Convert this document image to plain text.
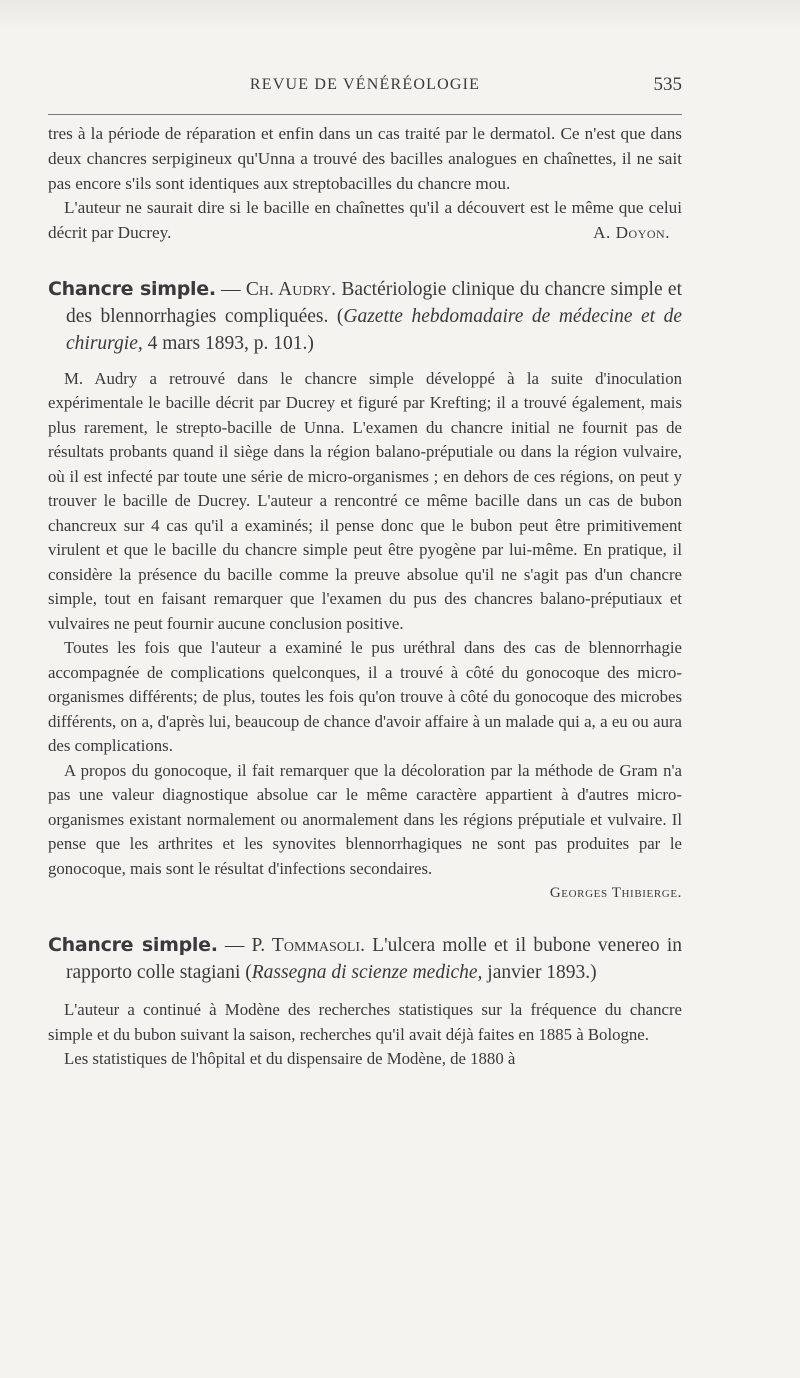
REVUE DE VÉNÉRÉOLOGIE	535

tres à la période de réparation et enfin dans un cas traité par le dermatol. Ce n'est que dans deux chancres serpigineux qu'Unna a trouvé des bacilles analogues en chaînettes, il ne sait pas encore s'ils sont identiques aux streptobacilles du chancre mou.

L'auteur ne saurait dire si le bacille en chaînettes qu'il a découvert est le même que celui décrit par Ducrey.	A. Doyon.

Chancre simple. — Ch. Audry. Bactériologie clinique du chancre simple et des blennorrhagies compliquées. (Gazette hebdomadaire de médecine et de chirurgie, 4 mars 1893, p. 101.)

M. Audry a retrouvé dans le chancre simple développé à la suite d'inoculation expérimentale le bacille décrit par Ducrey et figuré par Krefting; il a trouvé également, mais plus rarement, le strepto-bacille de Unna. L'examen du chancre initial ne fournit pas de résultats probants quand il siège dans la région balano-préputiale ou dans la région vulvaire, où il est infecté par toute une série de micro-organismes ; en dehors de ces régions, on peut y trouver le bacille de Ducrey. L'auteur a rencontré ce même bacille dans un cas de bubon chancreux sur 4 cas qu'il a examinés; il pense donc que le bubon peut être primitivement virulent et que le bacille du chancre simple peut être pyogène par lui-même. En pratique, il considère la présence du bacille comme la preuve absolue qu'il ne s'agit pas d'un chancre simple, tout en faisant remarquer que l'examen du pus des chancres balano-préputiaux et vulvaires ne peut fournir aucune conclusion positive.

Toutes les fois que l'auteur a examiné le pus uréthral dans des cas de blennorrhagie accompagnée de complications quelconques, il a trouvé à côté du gonocoque des micro-organismes différents; de plus, toutes les fois qu'on trouve à côté du gonocoque des microbes différents, on a, d'après lui, beaucoup de chance d'avoir affaire à un malade qui a, a eu ou aura des complications.

A propos du gonocoque, il fait remarquer que la décoloration par la méthode de Gram n'a pas une valeur diagnostique absolue car le même caractère appartient à d'autres micro-organismes existant normalement ou anormalement dans les régions préputiale et vulvaire. Il pense que les arthrites et les synovites blennorrhagiques ne sont pas produites par le gonocoque, mais sont le résultat d'infections secondaires.

Georges Thibierge.

Chancre simple. — P. Tommasoli. L'ulcera molle et il bubone venereo in rapporto colle stagiani (Rassegna di scienze mediche, janvier 1893.)

L'auteur a continué à Modène des recherches statistiques sur la fréquence du chancre simple et du bubon suivant la saison, recherches qu'il avait déjà faites en 1885 à Bologne.

Les statistiques de l'hôpital et du dispensaire de Modène, de 1880 à
